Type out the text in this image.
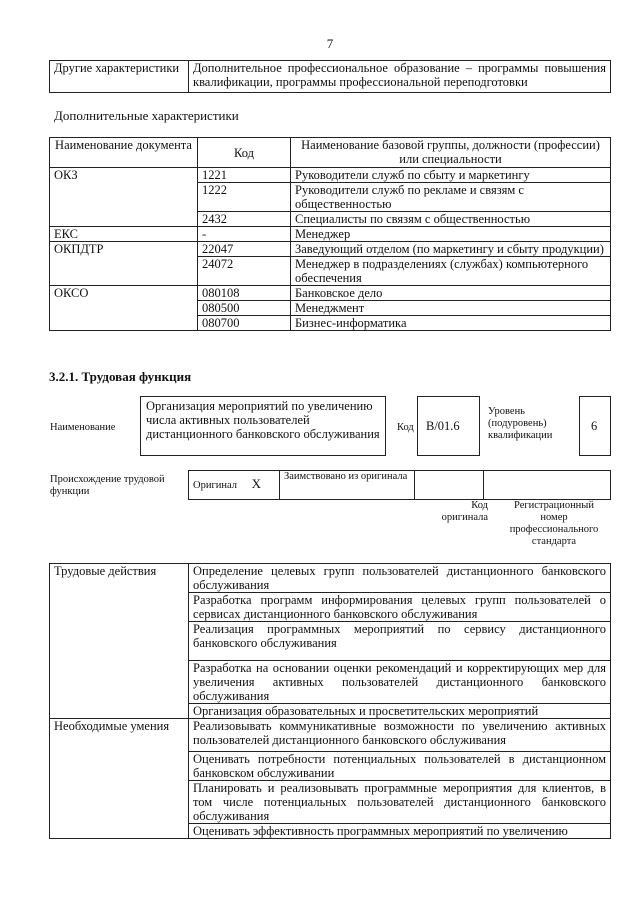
7
Другие характеристики	Дополнительное профессиональное образование – программы повышения квалификации, программы профессиональной переподготовки
Дополнительные характеристики
Наименование документа	Код	Наименование базовой группы, должности (профессии) или специальности
ОКЗ	1221	Руководители служб по сбыту и маркетингу
	1222	Руководители служб по рекламе и связям с общественностью
	2432	Специалисты по связям с общественностью
ЕКС	-	Менеджер
ОКПДТР	22047	Заведующий отделом (по маркетингу и сбыту продукции)
	24072	Менеджер в подразделениях (службах) компьютерного обеспечения
ОКСО	080108	Банковское дело
	080500	Менеджмент
	080700	Бизнес-информатика
3.2.1. Трудовая функция
Наименование
Организация мероприятий по увеличению числа активных пользователей дистанционного банковского обслуживания	Код B/01.6
Уровень (подуровень) квалификации
6
Происхождение трудовой функции
Оригинал X	Заимствовано из оригинала		
Код оригинала
Регистрационный номер профессионального стандарта
Трудовые действия	Определение целевых групп пользователей дистанционного банковского обслуживания
	Разработка программ информирования целевых групп пользователей о сервисах дистанционного банковского обслуживания
	Реализация программных мероприятий по сервису дистанционного банковского обслуживания
	Разработка на основании оценки рекомендаций и корректирующих мер для увеличения активных пользователей дистанционного банковского обслуживания
	Организация образовательных и просветительских мероприятий
Необходимые умения	Реализовывать коммуникативные возможности по увеличению активных пользователей дистанционного банковского обслуживания
	Оценивать потребности потенциальных пользователей в дистанционном банковском обслуживании
	Планировать и реализовывать программные мероприятия для клиентов, в том числе потенциальных пользователей дистанционного банковского обслуживания
	Оценивать эффективность программных мероприятий по увеличению
